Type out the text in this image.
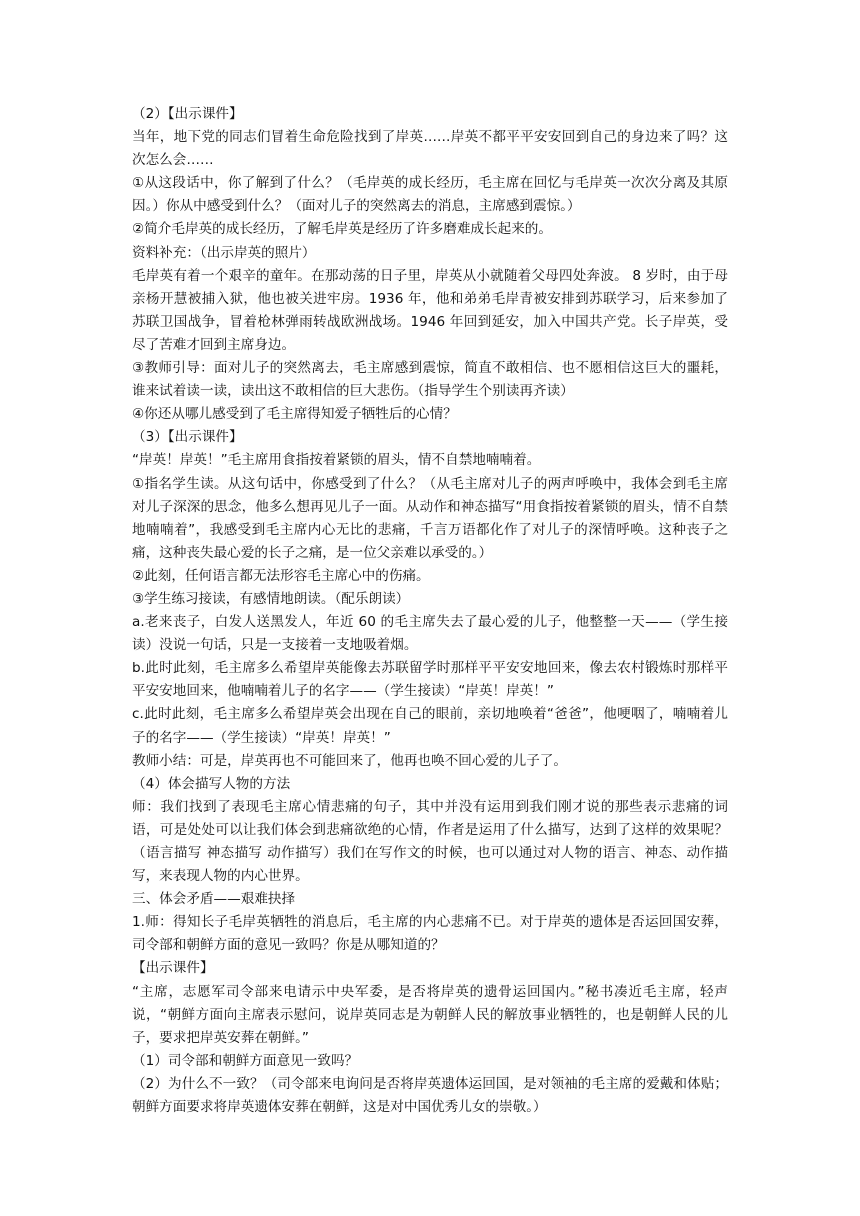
（2）【出示课件】

当年，地下党的同志们冒着生命危险找到了岸英……岸英不都平平安安回到自己的身边来了吗？这次怎么会……

①从这段话中，你了解到了什么？（毛岸英的成长经历，毛主席在回忆与毛岸英一次次分离及其原因。）你从中感受到什么？（面对儿子的突然离去的消息，主席感到震惊。）

②简介毛岸英的成长经历，了解毛岸英是经历了许多磨难成长起来的。

资料补充：（出示岸英的照片）

毛岸英有着一个艰辛的童年。在那动荡的日子里，岸英从小就随着父母四处奔波。 8 岁时，由于母亲杨开慧被捕入狱，他也被关进牢房。1936 年，他和弟弟毛岸青被安排到苏联学习，后来参加了苏联卫国战争，冒着枪林弹雨转战欧洲战场。1946 年回到延安，加入中国共产党。长子岸英，受尽了苦难才回到主席身边。

③教师引导：面对儿子的突然离去，毛主席感到震惊，简直不敢相信、也不愿相信这巨大的噩耗，谁来试着读一读，读出这不敢相信的巨大悲伤。（指导学生个别读再齐读）

④你还从哪儿感受到了毛主席得知爱子牺牲后的心情？

（3）【出示课件】

“岸英！岸英！”毛主席用食指按着紧锁的眉头，情不自禁地喃喃着。

①指名学生读。从这句话中，你感受到了什么？（从毛主席对儿子的两声呼唤中，我体会到毛主席对儿子深深的思念，他多么想再见儿子一面。从动作和神态描写“用食指按着紧锁的眉头，情不自禁地喃喃着”，我感受到毛主席内心无比的悲痛，千言万语都化作了对儿子的深情呼唤。这种丧子之痛，这种丧失最心爱的长子之痛，是一位父亲难以承受的。）

②此刻，任何语言都无法形容毛主席心中的伤痛。

③学生练习接读，有感情地朗读。（配乐朗读）

a.老来丧子，白发人送黑发人，年近 60 的毛主席失去了最心爱的儿子，他整整一天——（学生接读）没说一句话，只是一支接着一支地吸着烟。

b.此时此刻，毛主席多么希望岸英能像去苏联留学时那样平平安安地回来，像去农村锻炼时那样平平安安地回来，他喃喃着儿子的名字——（学生接读）“岸英！岸英！”

c.此时此刻，毛主席多么希望岸英会出现在自己的眼前，亲切地唤着“爸爸”，他哽咽了，喃喃着儿子的名字——（学生接读）“岸英！岸英！”

教师小结：可是，岸英再也不可能回来了，他再也唤不回心爱的儿子了。

（4）体会描写人物的方法

师：我们找到了表现毛主席心情悲痛的句子，其中并没有运用到我们刚才说的那些表示悲痛的词语，可是处处可以让我们体会到悲痛欲绝的心情，作者是运用了什么描写，达到了这样的效果呢？（语言描写 神态描写 动作描写）我们在写作文的时候，也可以通过对人物的语言、神态、动作描写，来表现人物的内心世界。

三、体会矛盾——艰难抉择

1.师：得知长子毛岸英牺牲的消息后，毛主席的内心悲痛不已。对于岸英的遗体是否运回国安葬，司令部和朝鲜方面的意见一致吗？你是从哪知道的？

【出示课件】

“主席，志愿军司令部来电请示中央军委，是否将岸英的遗骨运回国内。”秘书凑近毛主席，轻声说，“朝鲜方面向主席表示慰问，说岸英同志是为朝鲜人民的解放事业牺牲的，也是朝鲜人民的儿子，要求把岸英安葬在朝鲜。”

（1）司令部和朝鲜方面意见一致吗？

（2）为什么不一致？（司令部来电询问是否将岸英遗体运回国，是对领袖的毛主席的爱戴和体贴；朝鲜方面要求将岸英遗体安葬在朝鲜，这是对中国优秀儿女的崇敬。）
